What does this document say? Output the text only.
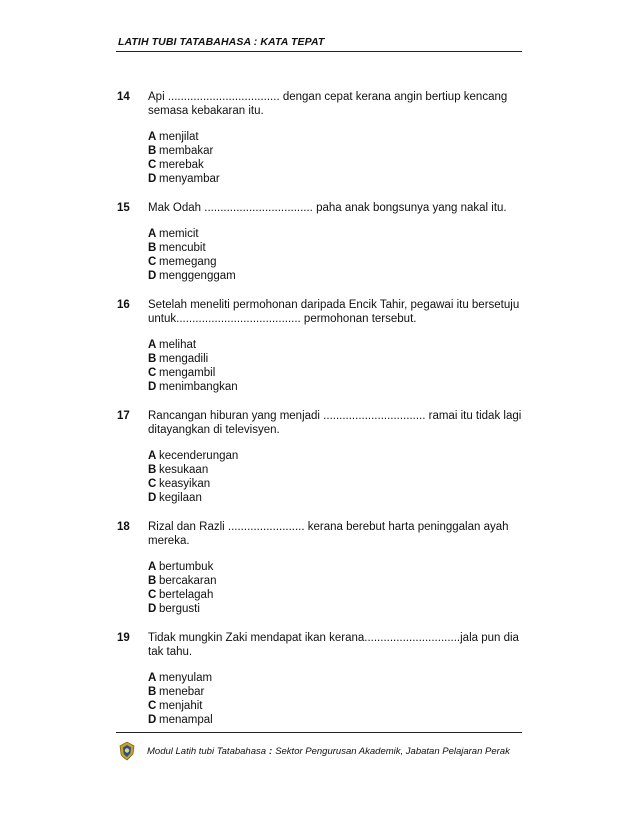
LATIH TUBI TATABAHASA : KATA TEPAT
14	Api ................................... dengan cepat kerana angin bertiup kencang semasa kebakaran itu.
A menjilat
B membakar
C merebak
D menyambar
15	Mak Odah .................................. paha anak bongsunya yang nakal itu.
A memicit
B mencubit
C memegang
D menggenggam
16	Setelah meneliti permohonan daripada Encik Tahir, pegawai itu bersetuju untuk....................................... permohonan tersebut.
A melihat
B mengadili
C mengambil
D menimbangkan
17	Rancangan hiburan yang menjadi ................................ ramai itu tidak lagi ditayangkan di televisyen.
A kecenderungan
B kesukaan
C keasyikan
D kegilaan
18	Rizal dan Razli ........................ kerana berebut harta peninggalan ayah mereka.
A bertumbuk
B bercakaran
C bertelagah
D bergusti
19	Tidak mungkin Zaki mendapat ikan kerana..............................jala pun dia tak tahu.
A menyulam
B menebar
C menjahit
D menampal
Modul Latih tubi Tatabahasa : Sektor Pengurusan Akademik, Jabatan Pelajaran Perak
